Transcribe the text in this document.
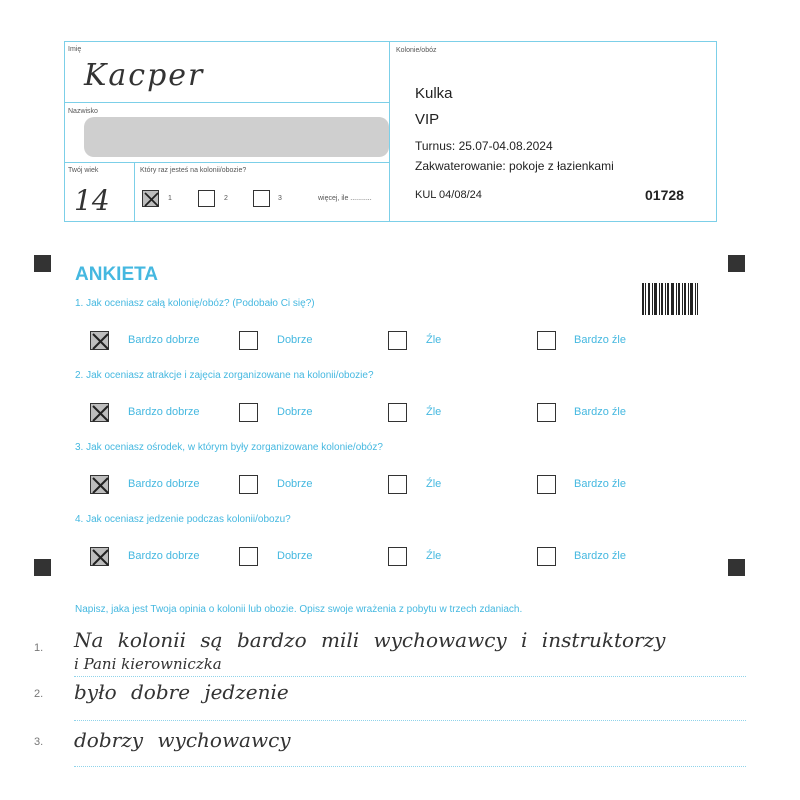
Imię
Kacper
Nazwisko
Twój wiek
14
Który raz jesteś na kolonii/obozie?
1	2	3	więcej, ile ...........
Kolonie/obóz
Kulka
VIP
Turnus: 25.07-04.08.2024
Zakwaterowanie: pokoje z łazienkami
KUL 04/08/24	01728
ANKIETA
1. Jak oceniasz całą kolonię/obóz? (Podobało Ci się?)
Bardzo dobrze	Dobrze	Źle	Bardzo źle
2. Jak oceniasz atrakcje i zajęcia zorganizowane na kolonii/obozie?
Bardzo dobrze	Dobrze	Źle	Bardzo źle
3. Jak oceniasz ośrodek, w którym były zorganizowane kolonie/obóz?
Bardzo dobrze	Dobrze	Źle	Bardzo źle
4. Jak oceniasz jedzenie podczas kolonii/obozu?
Bardzo dobrze	Dobrze	Źle	Bardzo źle
Napisz, jaka jest Twoja opinia o kolonii lub obozie. Opisz swoje wrażenia z pobytu w trzech zdaniach.
1.
2.
3.
Na kolonii są bardzo mili wychowawcy i instruktorzy
i Pani kierowniczka
było dobre jedzenie
dobrzy wychowawcy
